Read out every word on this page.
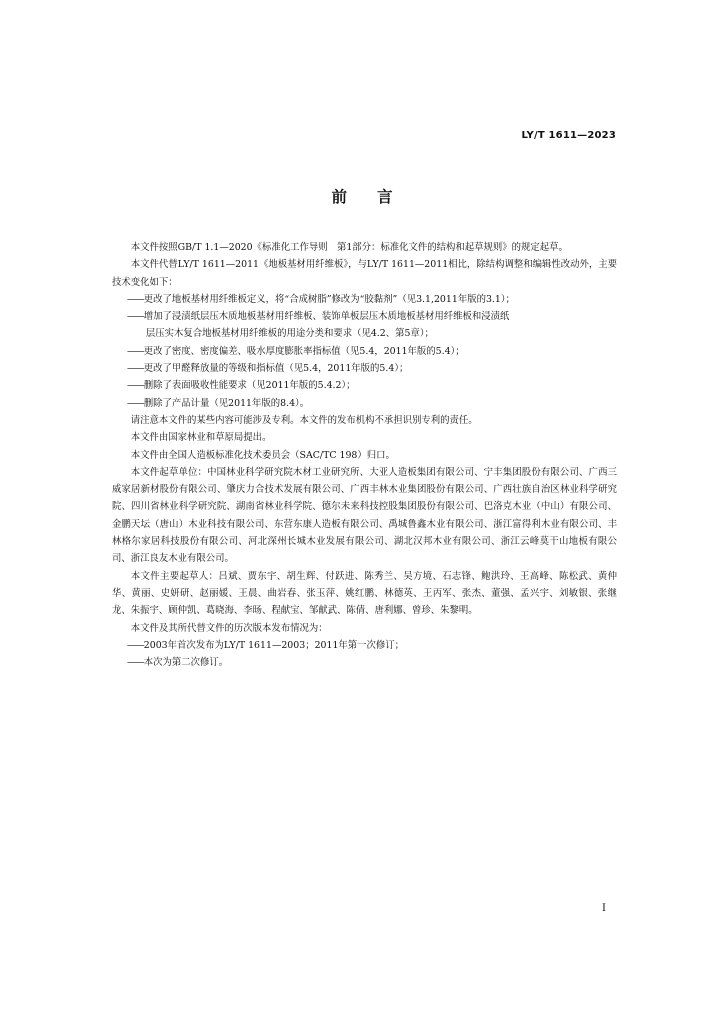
LY/T 1611—2023
前言

本文件按照GB/T 1.1—2020《标准化工作导则　第1部分：标准化文件的结构和起草规则》的规定起草。

本文件代替LY/T 1611—2011《地板基材用纤维板》，与LY/T 1611—2011相比，除结构调整和编辑性改动外，主要技术变化如下：

——更改了地板基材用纤维板定义，将“合成树脂”修改为“胶黏剂”（见3.1,2011年版的3.1）；

——增加了浸渍纸层压木质地板基材用纤维板、装饰单板层压木质地板基材用纤维板和浸渍纸

层压实木复合地板基材用纤维板的用途分类和要求（见4.2、第5章）；

——更改了密度、密度偏差、吸水厚度膨胀率指标值（见5.4，2011年版的5.4）；

——更改了甲醛释放量的等级和指标值（见5.4，2011年版的5.4）；

——删除了表面吸收性能要求（见2011年版的5.4.2）；

——删除了产品计量（见2011年版的8.4）。

请注意本文件的某些内容可能涉及专利。本文件的发布机构不承担识别专利的责任。

本文件由国家林业和草原局提出。

本文件由全国人造板标准化技术委员会（SAC/TC 198）归口。

本文件起草单位：中国林业科学研究院木材工业研究所、大亚人造板集团有限公司、宁丰集团股份有限公司、广西三威家居新材股份有限公司、肇庆力合技术发展有限公司、广西丰林木业集团股份有限公司、广西壮族自治区林业科学研究院、四川省林业科学研究院、湖南省林业科学院、德尔未来科技控股集团股份有限公司、巴洛克木业（中山）有限公司、金鹏天坛（唐山）木业科技有限公司、东营东康人造板有限公司、禹城鲁鑫木业有限公司、浙江富得利木业有限公司、丰林格尔家居科技股份有限公司、河北深州长城木业发展有限公司、湖北汉邦木业有限公司、浙江云峰莫干山地板有限公司、浙江良友木业有限公司。

本文件主要起草人：吕斌、贾东宇、胡生辉、付跃进、陈秀兰、吴方境、石志锋、鲍洪玲、王高峰、陈松武、黄仲华、黄丽、史妍研、赵丽媛、王晨、曲岩春、张玉萍、姚红鹏、林德英、王丙军、张杰、董强、孟兴宇、刘敏银、张继龙、朱振宇、顾仲凯、葛晓海、李旸、程献宝、邹献武、陈倩、唐利娜、曾珍、朱黎明。

本文件及其所代替文件的历次版本发布情况为：

——2003年首次发布为LY/T 1611—2003；2011年第一次修订；

——本次为第二次修订。

I
